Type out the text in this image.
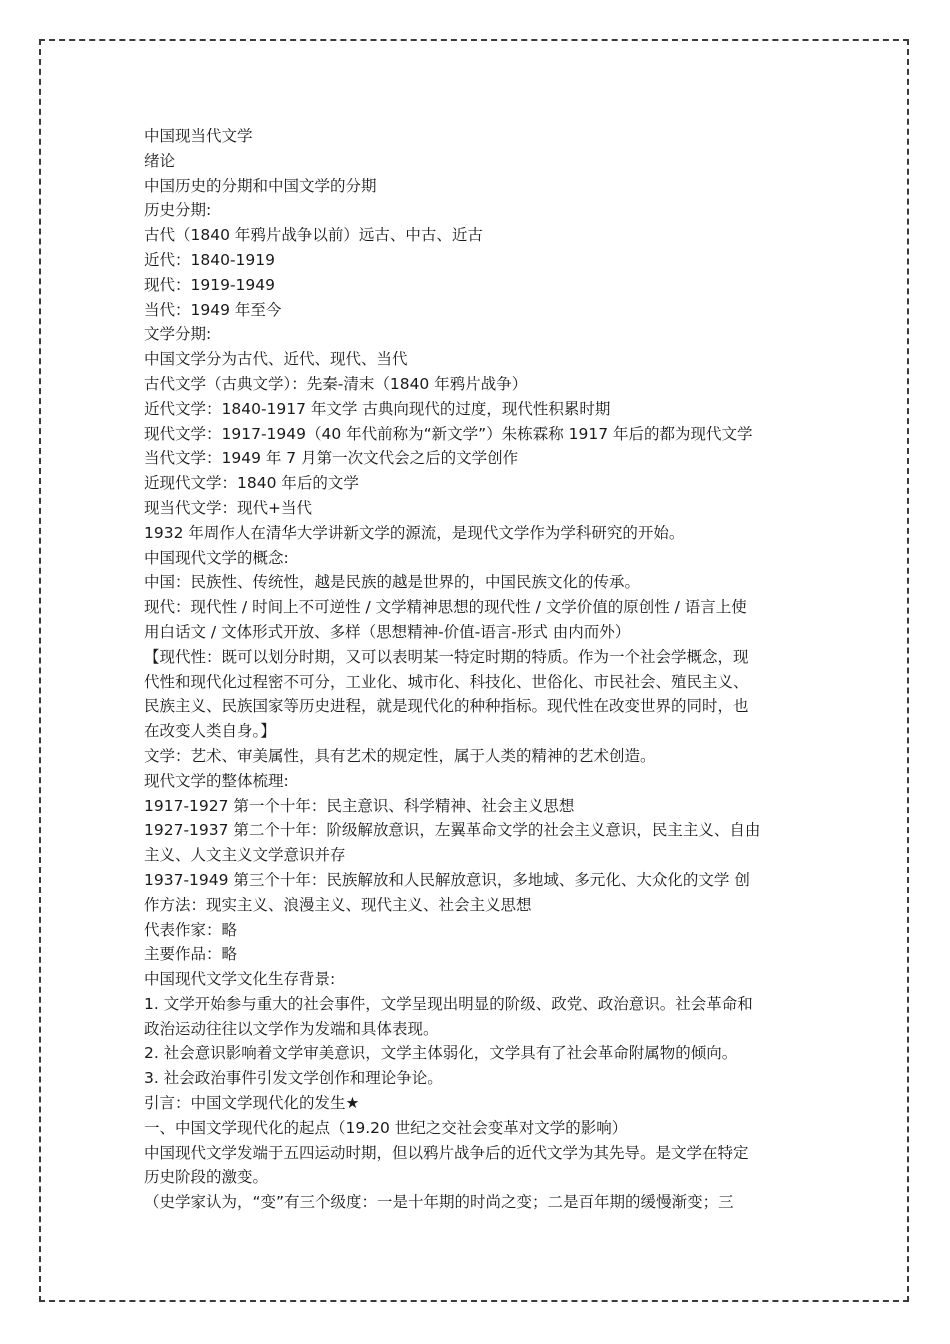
中国现当代文学
绪论
中国历史的分期和中国文学的分期
历史分期:
古代（1840 年鸦片战争以前）远古、中古、近古
近代：1840-1919
现代：1919-1949
当代：1949 年至今
文学分期:
中国文学分为古代、近代、现代、当代
古代文学（古典文学）：先秦-清末（1840 年鸦片战争）
近代文学：1840-1917 年文学 古典向现代的过度，现代性积累时期
现代文学：1917-1949（40 年代前称为“新文学”）朱栋霖称 1917 年后的都为现代文学
当代文学：1949 年 7 月第一次文代会之后的文学创作
近现代文学：1840 年后的文学
现当代文学：现代+当代
1932 年周作人在清华大学讲新文学的源流，是现代文学作为学科研究的开始。
中国现代文学的概念:
中国：民族性、传统性，越是民族的越是世界的，中国民族文化的传承。
现代：现代性 / 时间上不可逆性 / 文学精神思想的现代性 / 文学价值的原创性 / 语言上使
用白话文 / 文体形式开放、多样（思想精神-价值-语言-形式 由内而外）
【现代性：既可以划分时期，又可以表明某一特定时期的特质。作为一个社会学概念，现
代性和现代化过程密不可分，工业化、城市化、科技化、世俗化、市民社会、殖民主义、
民族主义、民族国家等历史进程，就是现代化的种种指标。现代性在改变世界的同时，也
在改变人类自身。】
文学：艺术、审美属性，具有艺术的规定性，属于人类的精神的艺术创造。
现代文学的整体梳理:
1917-1927 第一个十年：民主意识、科学精神、社会主义思想
1927-1937 第二个十年：阶级解放意识，左翼革命文学的社会主义意识，民主主义、自由
主义、人文主义文学意识并存
1937-1949 第三个十年：民族解放和人民解放意识，多地域、多元化、大众化的文学 创
作方法：现实主义、浪漫主义、现代主义、社会主义思想
代表作家：略
主要作品：略
中国现代文学文化生存背景:
1. 文学开始参与重大的社会事件，文学呈现出明显的阶级、政党、政治意识。社会革命和
政治运动往往以文学作为发端和具体表现。
2. 社会意识影响着文学审美意识，文学主体弱化，文学具有了社会革命附属物的倾向。
3. 社会政治事件引发文学创作和理论争论。
引言：中国文学现代化的发生★
一、中国文学现代化的起点（19.20 世纪之交社会变革对文学的影响）
中国现代文学发端于五四运动时期，但以鸦片战争后的近代文学为其先导。是文学在特定
历史阶段的激变。
（史学家认为，“变”有三个级度：一是十年期的时尚之变；二是百年期的缓慢渐变；三
